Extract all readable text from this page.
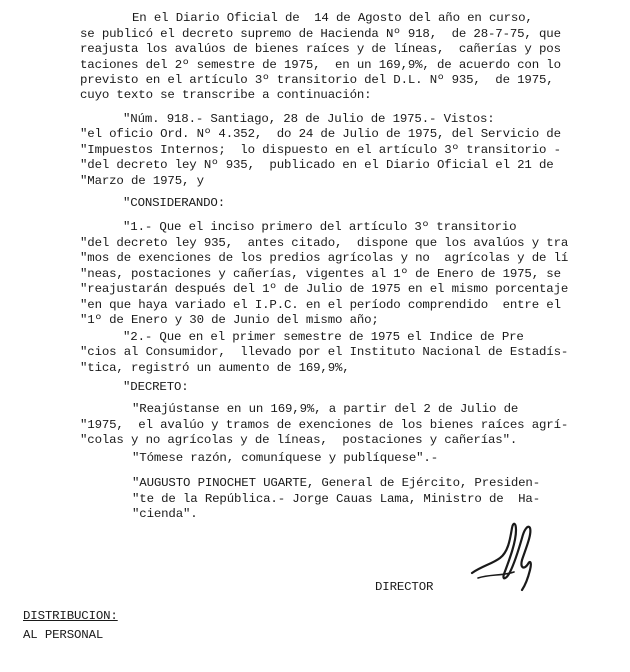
En el Diario Oficial de  14 de Agosto del año en curso,
se publicó el decreto supremo de Hacienda Nº 918,  de 28-7-75, que
reajusta los avalúos de bienes raíces y de líneas,  cañerías y pos
taciones del 2º semestre de 1975,  en un 169,9%, de acuerdo con lo
previsto en el artículo 3º transitorio del D.L. Nº 935,  de 1975,
cuyo texto se transcribe a continuación:
"Núm. 918.- Santiago, 28 de Julio de 1975.- Vistos:
"el oficio Ord. Nº 4.352,  do 24 de Julio de 1975, del Servicio de
"Impuestos Internos;  lo dispuesto en el artículo 3º transitorio -
"del decreto ley Nº 935,  publicado en el Diario Oficial el 21 de
"Marzo de 1975, y
"CONSIDERANDO:
"1.- Que el inciso primero del artículo 3º transitorio
"del decreto ley 935,  antes citado,  dispone que los avalúos y tra
"mos de exenciones de los predios agrícolas y no  agrícolas y de lí
"neas, postaciones y cañerías, vigentes al 1º de Enero de 1975, se
"reajustarán después del 1º de Julio de 1975 en el mismo porcentaje
"en que haya variado el I.P.C. en el período comprendido  entre el
"1º de Enero y 30 de Junio del mismo año;
"2.- Que en el primer semestre de 1975 el Indice de Pre
"cios al Consumidor,  llevado por el Instituto Nacional de Estadís-
"tica, registró un aumento de 169,9%,
"DECRETO:
"Reajústanse en un 169,9%, a partir del 2 de Julio de
"1975,  el avalúo y tramos de exenciones de los bienes raíces agrí-
"colas y no agrícolas y de líneas,  postaciones y cañerías".
"Tómese razón, comuníquese y publíquese".-
"AUGUSTO PINOCHET UGARTE, General de Ejército, Presiden-
"te de la República.- Jorge Cauas Lama, Ministro de  Ha-
"cienda".
DIRECTOR
DISTRIBUCION:
AL PERSONAL
